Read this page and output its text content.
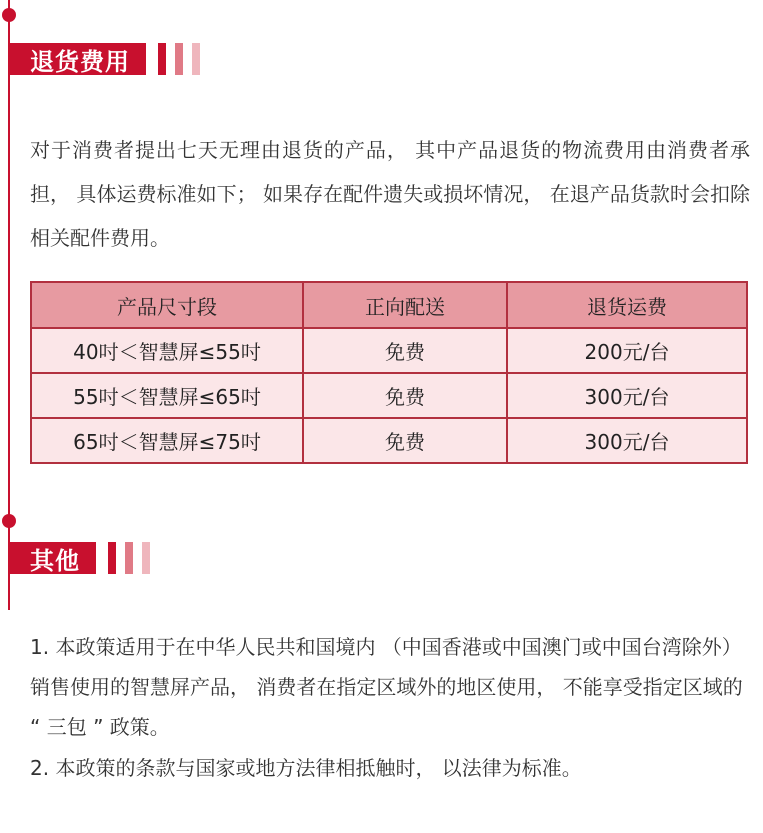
退货费用

对于消费者提出七天无理由退货的产品， 其中产品退货的物流费用由消费者承担， 具体运费标准如下； 如果存在配件遗失或损坏情况， 在退产品货款时会扣除相关配件费用。

产品尺寸段	正向配送	退货运费
40吋＜智慧屏≤55吋	免费	200元/台
55吋＜智慧屏≤65吋	免费	300元/台
65吋＜智慧屏≤75吋	免费	300元/台
其他

1. 本政策适用于在中华人民共和国境内 （中国香港或中国澳门或中国台湾除外） 销售使用的智慧屏产品， 消费者在指定区域外的地区使用， 不能享受指定区域的 “ 三包 ” 政策。

2. 本政策的条款与国家或地方法律相抵触时， 以法律为标准。
